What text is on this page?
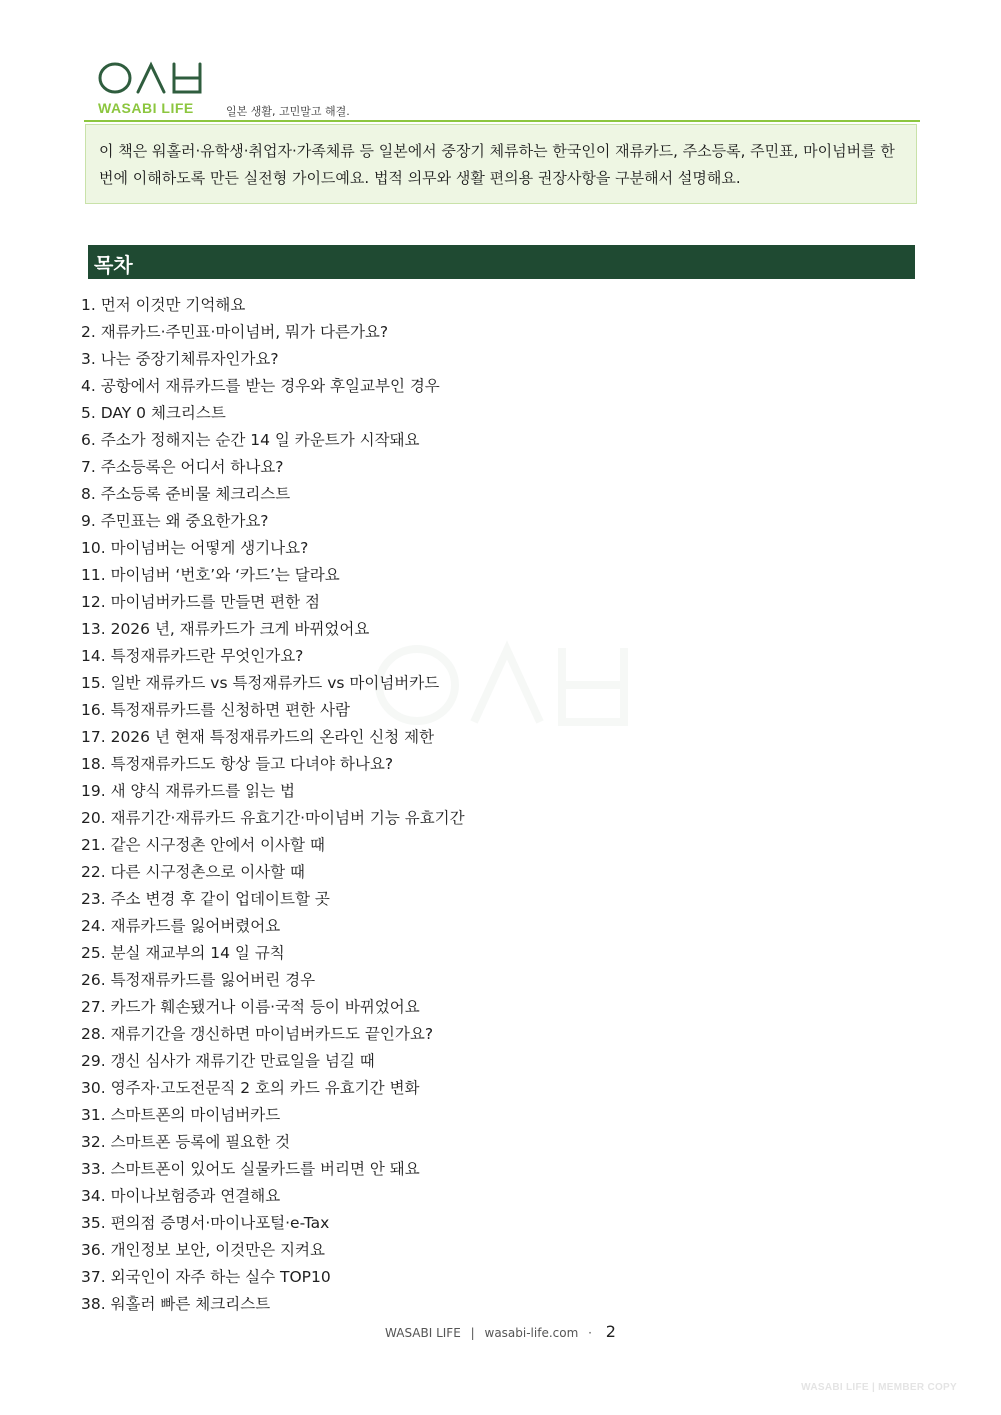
WASABI LIFE	일본 생활, 고민말고 해결.

이 책은 워홀러·유학생·취업자·가족체류 등 일본에서 중장기 체류하는 한국인이 재류카드, 주소등록, 주민표, 마이넘버를 한 번에 이해하도록 만든 실전형 가이드예요. 법적 의무와 생활 편의용 권장사항을 구분해서 설명해요.

목차
1. 먼저 이것만 기억해요
2. 재류카드·주민표·마이넘버, 뭐가 다른가요?
3. 나는 중장기체류자인가요?
4. 공항에서 재류카드를 받는 경우와 후일교부인 경우
5. DAY 0 체크리스트
6. 주소가 정해지는 순간 14 일 카운트가 시작돼요
7. 주소등록은 어디서 하나요?
8. 주소등록 준비물 체크리스트
9. 주민표는 왜 중요한가요?
10. 마이넘버는 어떻게 생기나요?
11. 마이넘버 ‘번호’와 ‘카드’는 달라요
12. 마이넘버카드를 만들면 편한 점
13. 2026 년, 재류카드가 크게 바뀌었어요
14. 특정재류카드란 무엇인가요?
15. 일반 재류카드 vs 특정재류카드 vs 마이넘버카드
16. 특정재류카드를 신청하면 편한 사람
17. 2026 년 현재 특정재류카드의 온라인 신청 제한
18. 특정재류카드도 항상 들고 다녀야 하나요?
19. 새 양식 재류카드를 읽는 법
20. 재류기간·재류카드 유효기간·마이넘버 기능 유효기간
21. 같은 시구정촌 안에서 이사할 때
22. 다른 시구정촌으로 이사할 때
23. 주소 변경 후 같이 업데이트할 곳
24. 재류카드를 잃어버렸어요
25. 분실 재교부의 14 일 규칙
26. 특정재류카드를 잃어버린 경우
27. 카드가 훼손됐거나 이름·국적 등이 바뀌었어요
28. 재류기간을 갱신하면 마이넘버카드도 끝인가요?
29. 갱신 심사가 재류기간 만료일을 넘길 때
30. 영주자·고도전문직 2 호의 카드 유효기간 변화
31. 스마트폰의 마이넘버카드
32. 스마트폰 등록에 필요한 것
33. 스마트폰이 있어도 실물카드를 버리면 안 돼요
34. 마이나보험증과 연결해요
35. 편의점 증명서·마이나포털·e-Tax
36. 개인정보 보안, 이것만은 지켜요
37. 외국인이 자주 하는 실수 TOP10
38. 워홀러 빠른 체크리스트
WASABI LIFE | wasabi-life.com · 2
WASABI LIFE | MEMBER COPY
